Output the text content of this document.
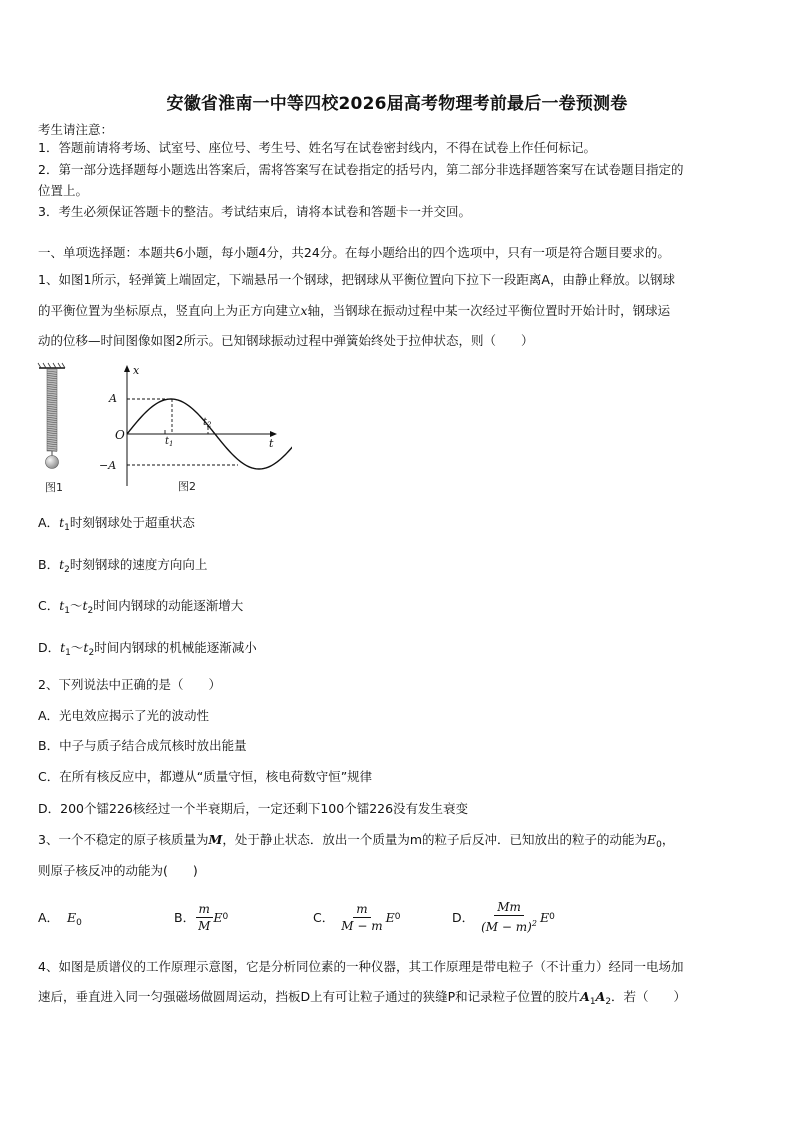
安徽省淮南一中等四校2026届高考物理考前最后一卷预测卷
考生请注意：
1．答题前请将考场、试室号、座位号、考生号、姓名写在试卷密封线内，不得在试卷上作任何标记。
2．第一部分选择题每小题选出答案后，需将答案写在试卷指定的括号内，第二部分非选择题答案写在试卷题目指定的
位置上。
3．考生必须保证答题卡的整洁。考试结束后，请将本试卷和答题卡一并交回。
一、单项选择题：本题共6小题，每小题4分，共24分。在每小题给出的四个选项中，只有一项是符合题目要求的。
1、如图1所示，轻弹簧上端固定，下端悬吊一个钢球，把钢球从平衡位置向下拉下一段距离A，由静止释放。以钢球
的平衡位置为坐标原点，竖直向上为正方向建立x轴，当钢球在振动过程中某一次经过平衡位置时开始计时，钢球运
动的位移—时间图像如图2所示。已知钢球振动过程中弹簧始终处于拉伸状态，则（　　）
图1
x
t
O
A
−A
$t_1$
$t_2$
图2
A．$t_1$时刻钢球处于超重状态
B．$t_2$时刻钢球的速度方向向上
C．$t_1\sim t_2$时间内钢球的动能逐渐增大
D．$t_1\sim t_2$时间内钢球的机械能逐渐减小
2、下列说法中正确的是（　　）
A．光电效应揭示了光的波动性
B．中子与质子结合成氘核时放出能量
C．在所有核反应中，都遵从“质量守恒，核电荷数守恒”规律
D．200个镭226核经过一个半衰期后，一定还剩下100个镭226没有发生衰变
3、一个不稳定的原子核质量为M，处于静止状态．放出一个质量为m的粒子后反冲．已知放出的粒子的动能为$E_0$，
则原子核反冲的动能为(　　)
A． $E_0$	B． $\frac{m}{M}$ E 0	C．
$\frac{m}{M - m}$ E 0	D．
$\frac{Mm}{(M - m)^2}$ E 0
4、如图是质谱仪的工作原理示意图，它是分析同位素的一种仪器，其工作原理是带电粒子（不计重力）经同一电场加
速后，垂直进入同一匀强磁场做圆周运动，挡板D上有可让粒子通过的狭缝P和记录粒子位置的胶片$A_1A_2$．若（　　）
